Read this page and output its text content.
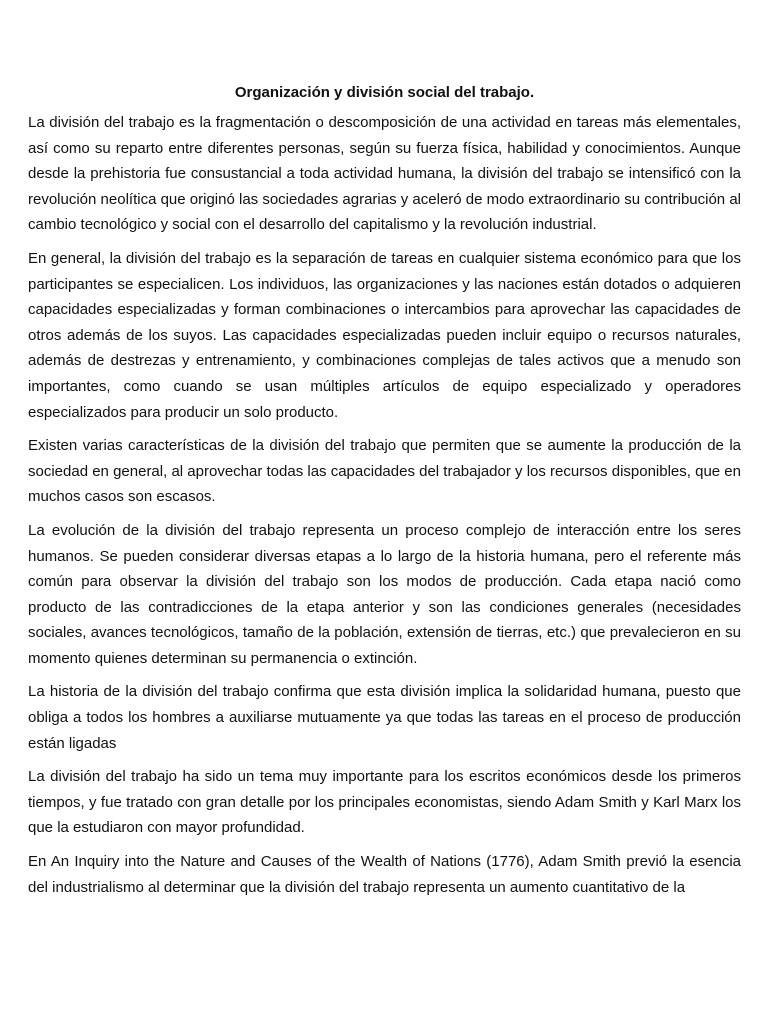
Organización y división social del trabajo.

La división del trabajo es la fragmentación o descomposición de una actividad en tareas más elementales, así como su reparto entre diferentes personas, según su fuerza física, habilidad y conocimientos. Aunque desde la prehistoria fue consustancial a toda actividad humana, la división del trabajo se intensificó con la revolución neolítica que originó las sociedades agrarias y aceleró de modo extraordinario su contribución al cambio tecnológico y social con el desarrollo del capitalismo y la revolución industrial.

En general, la división del trabajo es la separación de tareas en cualquier sistema económico para que los participantes se especialicen. Los individuos, las organizaciones y las naciones están dotados o adquieren capacidades especializadas y forman combinaciones o intercambios para aprovechar las capacidades de otros además de los suyos. Las capacidades especializadas pueden incluir equipo o recursos naturales, además de destrezas y entrenamiento, y combinaciones complejas de tales activos que a menudo son importantes, como cuando se usan múltiples artículos de equipo especializado y operadores especializados para producir un solo producto.

Existen varias características de la división del trabajo que permiten que se aumente la producción de la sociedad en general, al aprovechar todas las capacidades del trabajador y los recursos disponibles, que en muchos casos son escasos.

La evolución de la división del trabajo representa un proceso complejo de interacción entre los seres humanos. Se pueden considerar diversas etapas a lo largo de la historia humana, pero el referente más común para observar la división del trabajo son los modos de producción. Cada etapa nació como producto de las contradicciones de la etapa anterior y son las condiciones generales (necesidades sociales, avances tecnológicos, tamaño de la población, extensión de tierras, etc.) que prevalecieron en su momento quienes determinan su permanencia o extinción.

La historia de la división del trabajo confirma que esta división implica la solidaridad humana, puesto que obliga a todos los hombres a auxiliarse mutuamente ya que todas las tareas en el proceso de producción están ligadas

La división del trabajo ha sido un tema muy importante para los escritos económicos desde los primeros tiempos, y fue tratado con gran detalle por los principales economistas, siendo Adam Smith y Karl Marx los que la estudiaron con mayor profundidad.

En An Inquiry into the Nature and Causes of the Wealth of Nations (1776), Adam Smith previó la esencia del industrialismo al determinar que la división del trabajo representa un aumento cuantitativo de la
